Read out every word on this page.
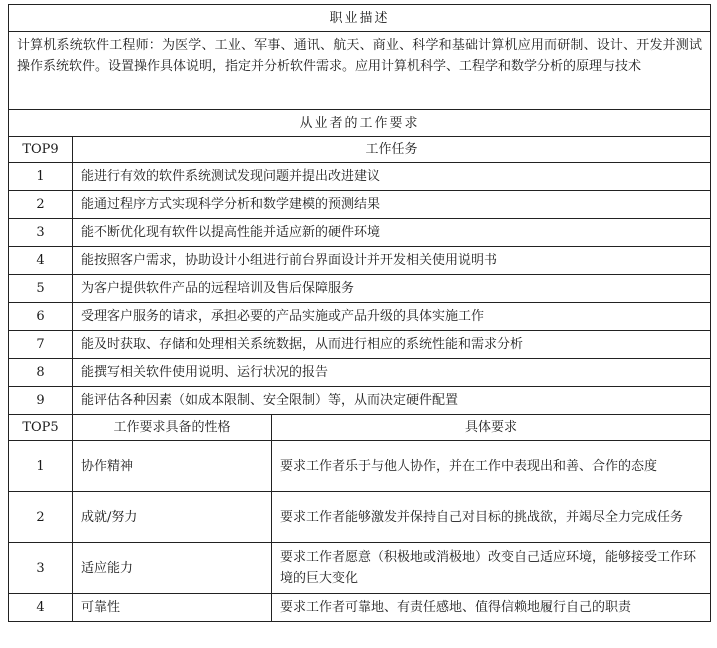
职业描述		
计算机系统软件工程师：为医学、工业、军事、通讯、航天、商业、科学和基础计算机应用而研制、设计、开发并测试操作系统软件。设置操作具体说明，指定并分析软件需求。应用计算机科学、工程学和数学分析的原理与技术		
从业者的工作要求		
TOP9	工作任务	
1	能进行有效的软件系统测试发现问题并提出改进建议	
2	能通过程序方式实现科学分析和数学建模的预测结果	
3	能不断优化现有软件以提高性能并适应新的硬件环境	
4	能按照客户需求，协助设计小组进行前台界面设计并开发相关使用说明书	
5	为客户提供软件产品的远程培训及售后保障服务	
6	受理客户服务的请求，承担必要的产品实施或产品升级的具体实施工作	
7	能及时获取、存储和处理相关系统数据，从而进行相应的系统性能和需求分析	
8	能撰写相关软件使用说明、运行状况的报告	
9	能评估各种因素（如成本限制、安全限制）等，从而决定硬件配置	
TOP5	工作要求具备的性格	具体要求
1	协作精神	要求工作者乐于与他人协作，并在工作中表现出和善、合作的态度
2	成就/努力	要求工作者能够激发并保持自己对目标的挑战欲，并竭尽全力完成任务
3	适应能力	要求工作者愿意（积极地或消极地）改变自己适应环境，能够接受工作环境的巨大变化
4	可靠性	要求工作者可靠地、有责任感地、值得信赖地履行自己的职责
